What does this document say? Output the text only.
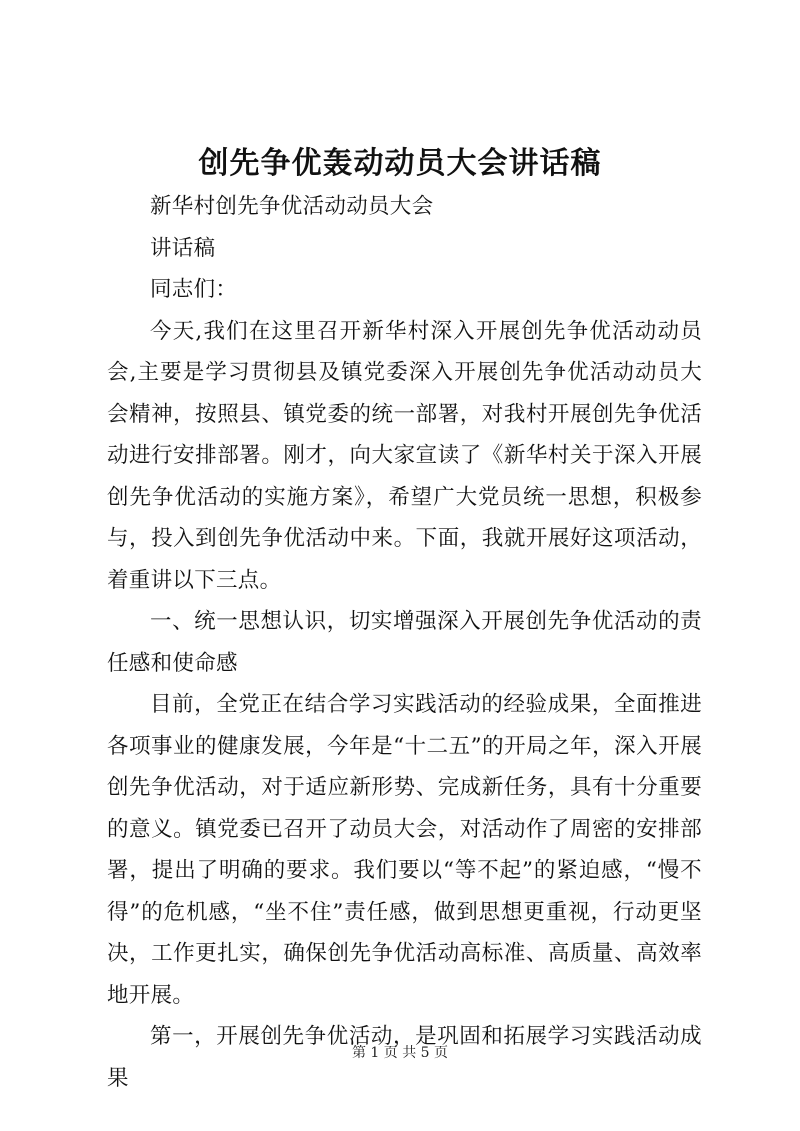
创先争优轰动动员大会讲话稿

新华村创先争优活动动员大会

讲话稿

同志们：

今天,我们在这里召开新华村深入开展创先争优活动动员会,主要是学习贯彻县及镇党委深入开展创先争优活动动员大会精神，按照县、镇党委的统一部署，对我村开展创先争优活动进行安排部署。刚才，向大家宣读了《新华村关于深入开展创先争优活动的实施方案》，希望广大党员统一思想，积极参与，投入到创先争优活动中来。下面，我就开展好这项活动，着重讲以下三点。

一、统一思想认识，切实增强深入开展创先争优活动的责任感和使命感

目前，全党正在结合学习实践活动的经验成果，全面推进各项事业的健康发展，今年是“十二五”的开局之年，深入开展创先争优活动，对于适应新形势、完成新任务，具有十分重要的意义。镇党委已召开了动员大会，对活动作了周密的安排部署，提出了明确的要求。我们要以“等不起”的紧迫感，“慢不得”的危机感，“坐不住”责任感，做到思想更重视，行动更坚决，工作更扎实，确保创先争优活动高标准、高质量、高效率地开展。

第一，开展创先争优活动，是巩固和拓展学习实践活动成果

第 1 页 共 5 页
